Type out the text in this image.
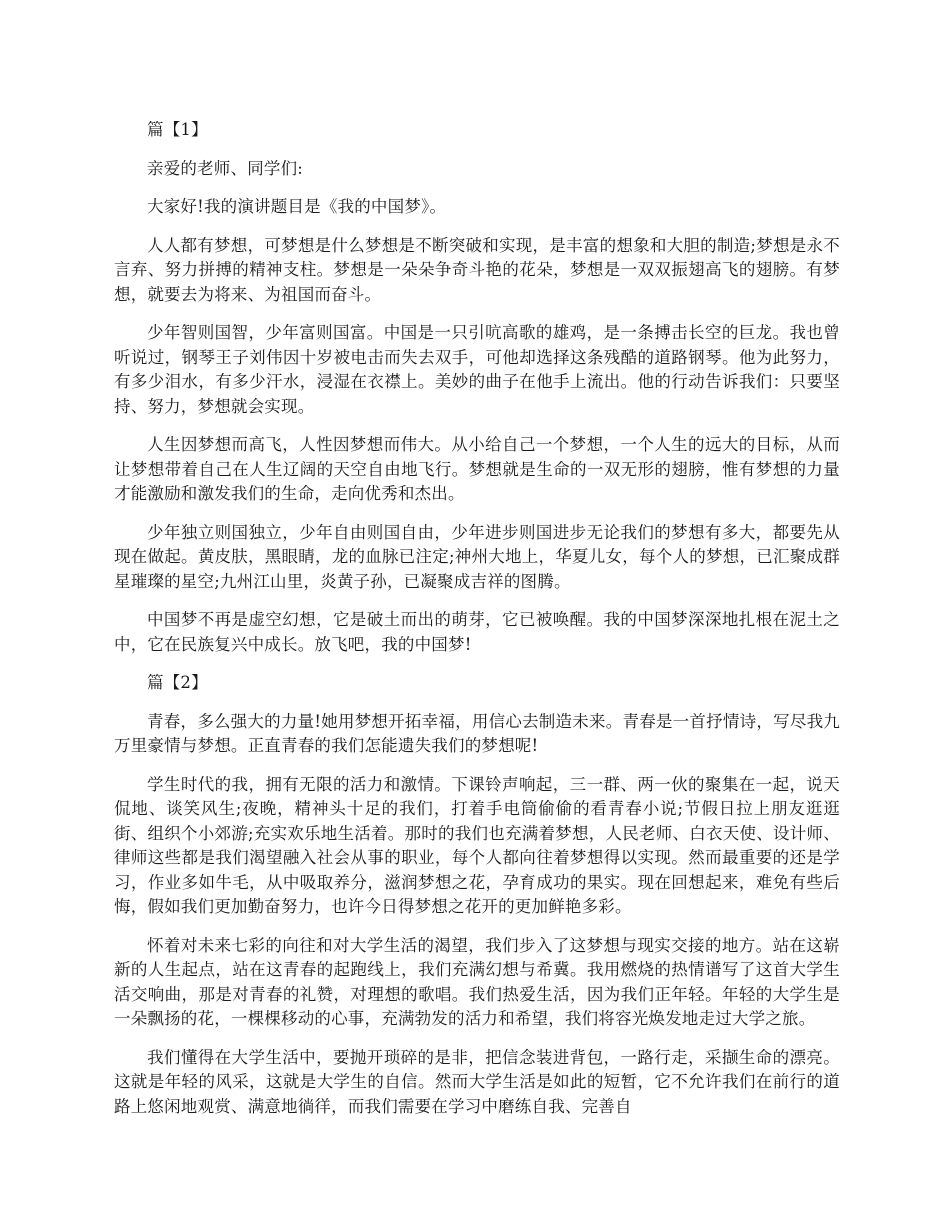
篇【1】

亲爱的老师、同学们:

大家好!我的演讲题目是《我的中国梦》。

人人都有梦想，可梦想是什么梦想是不断突破和实现，是丰富的想象和大胆的制造;梦想是永不言弃、努力拼搏的精神支柱。梦想是一朵朵争奇斗艳的花朵，梦想是一双双振翅高飞的翅膀。有梦想，就要去为将来、为祖国而奋斗。

少年智则国智，少年富则国富。中国是一只引吭高歌的雄鸡，是一条搏击长空的巨龙。我也曾听说过，钢琴王子刘伟因十岁被电击而失去双手，可他却选择这条残酷的道路钢琴。他为此努力，有多少泪水，有多少汗水，浸湿在衣襟上。美妙的曲子在他手上流出。他的行动告诉我们：只要坚持、努力，梦想就会实现。

人生因梦想而高飞，人性因梦想而伟大。从小给自己一个梦想，一个人生的远大的目标，从而让梦想带着自己在人生辽阔的天空自由地飞行。梦想就是生命的一双无形的翅膀，惟有梦想的力量才能激励和激发我们的生命，走向优秀和杰出。

少年独立则国独立，少年自由则国自由，少年进步则国进步无论我们的梦想有多大，都要先从现在做起。黄皮肤，黑眼睛，龙的血脉已注定;神州大地上，华夏儿女，每个人的梦想，已汇聚成群星璀璨的星空;九州江山里，炎黄子孙，已凝聚成吉祥的图腾。

中国梦不再是虚空幻想，它是破土而出的萌芽，它已被唤醒。我的中国梦深深地扎根在泥土之中，它在民族复兴中成长。放飞吧，我的中国梦!

篇【2】

青春，多么强大的力量!她用梦想开拓幸福，用信心去制造未来。青春是一首抒情诗，写尽我九万里豪情与梦想。正直青春的我们怎能遗失我们的梦想呢!

学生时代的我，拥有无限的活力和激情。下课铃声响起，三一群、两一伙的聚集在一起，说天侃地、谈笑风生;夜晚，精神头十足的我们，打着手电筒偷偷的看青春小说;节假日拉上朋友逛逛街、组织个小郊游;充实欢乐地生活着。那时的我们也充满着梦想，人民老师、白衣天使、设计师、律师这些都是我们渴望融入社会从事的职业，每个人都向往着梦想得以实现。然而最重要的还是学习，作业多如牛毛，从中吸取养分，滋润梦想之花，孕育成功的果实。现在回想起来，难免有些后悔，假如我们更加勤奋努力，也许今日得梦想之花开的更加鲜艳多彩。

怀着对未来七彩的向往和对大学生活的渴望，我们步入了这梦想与现实交接的地方。站在这崭新的人生起点，站在这青春的起跑线上，我们充满幻想与希冀。我用燃烧的热情谱写了这首大学生活交响曲，那是对青春的礼赞，对理想的歌唱。我们热爱生活，因为我们正年轻。年轻的大学生是一朵飘扬的花，一棵棵移动的心事，充满勃发的活力和希望，我们将容光焕发地走过大学之旅。

我们懂得在大学生活中，要抛开琐碎的是非，把信念装进背包，一路行走，采撷生命的漂亮。这就是年轻的风采，这就是大学生的自信。然而大学生活是如此的短暂，它不允许我们在前行的道路上悠闲地观赏、满意地徜徉，而我们需要在学习中磨练自我、完善自
